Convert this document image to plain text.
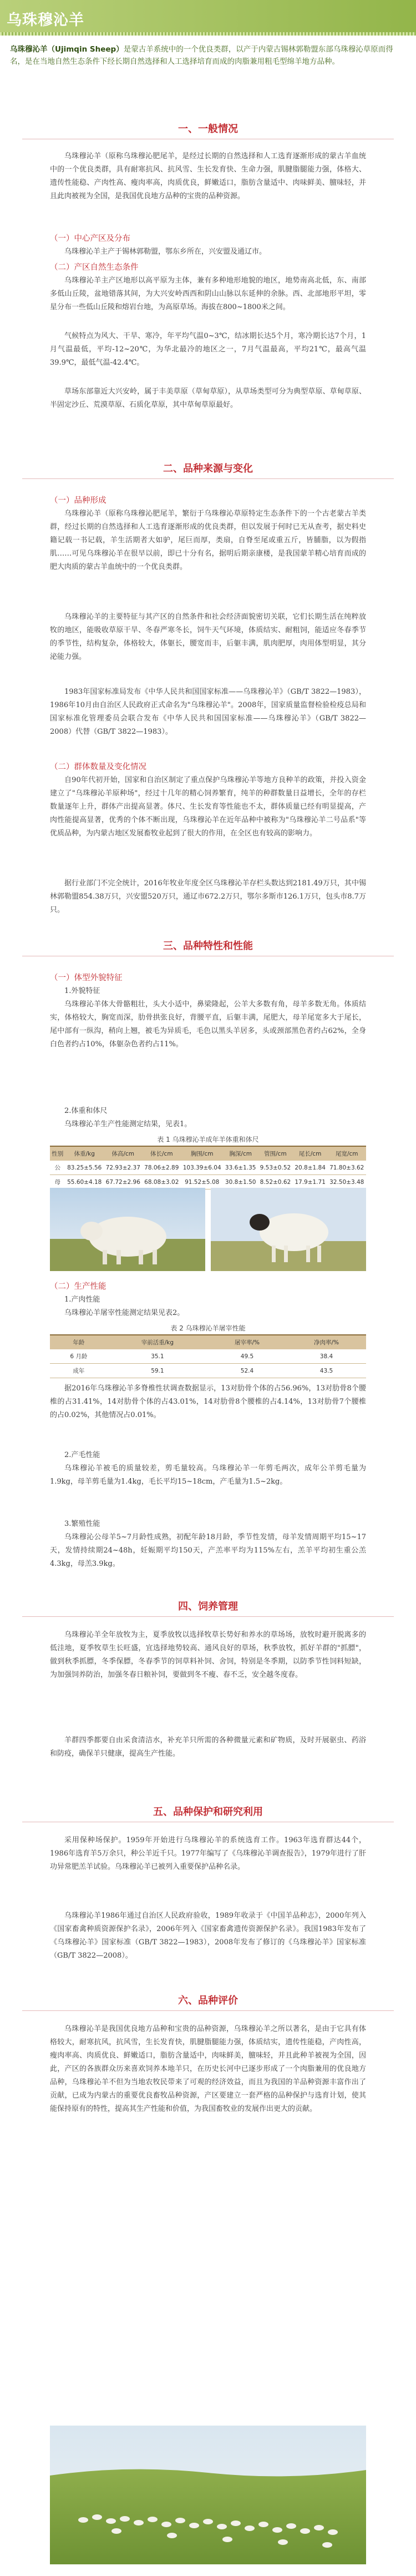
乌珠穆沁羊
乌珠穆沁羊（Ujimqin Sheep）是蒙古羊系统中的一个优良类群，以产于内蒙古锡林郭勒盟东部乌珠穆沁草原而得名，是在当地自然生态条件下经长期自然选择和人工选择培育而成的肉脂兼用粗毛型绵羊地方品种。
一、一般情况
乌珠穆沁羊（原称乌珠穆沁肥尾羊，是经过长期的自然选择和人工选育逐渐形成的蒙古羊血统中的一个优良类群，具有耐寒抗风、抗风雪、生长发育快、生命力强，肌腱脂腿能力强，体格大、遗传性能稳、产肉性高、瘦肉率高，肉质优良，鲜嫩适口，脂肪含量适中、肉味鲜美、膻味轻，并且此肉被视为全国，是我国优良地方品种的宝贵的品种资源。
（一）中心产区及分布
乌珠穆沁羊主产于锡林郭勒盟，鄂东乡所在，兴安盟及通辽市。
（二）产区自然生态条件
乌珠穆沁羊主产区地形以高平原为主体，兼有多种地形地貌的地区，地势南高北低，东、南部多低山丘陵，盆地错落其间，为大兴安岭西西和阴山山脉以东延伸的余脉。西、北部地形平坦，零星分布一些低山丘陵和熔岩台地，为高原草场。海拔在800~1800米之间。
气候特点为风大、干旱、寒冷，年平均气温0~3℃，结冰期长达5个月，寒冷期长达7个月，1月气温最低，平均-12~20℃，为华北最冷的地区之一，7月气温最高，平均21℃，最高气温39.9℃，最低气温-42.4℃。
草场东部靠近大兴安岭，属于丰美草原（草甸草原），从草场类型可分为典型草原、草甸草原、半固定沙丘、荒漠草原、石质化草原，其中草甸草原最好。
二、品种来源与变化
（一）品种形成
乌珠穆沁羊（原称乌珠穆沁肥尾羊，繁衍于乌珠穆沁草原特定生态条件下的一个古老蒙古羊类群，经过长期的自然选择和人工选育逐渐形成的优良类群，但以发展于何时已无从查考，据史料史籍记载一书记载，羊生活期者大如驴，尾巨而厚，类扇，自脊至尾或重五斤，皆脯脂，以为假指肌……可见乌珠穆沁羊在很早以前，即已十分有名，据明后期亲康楼，是我国蒙羊精心培育而成的肥大肉质的蒙古羊血统中的一个优良类群。
乌珠穆沁羊的主要特征与其产区的自然条件和社会经济面貌密切关联，它们长期生活在纯粹放牧的地区，能吸收草原干旱、冬春严寒冬长，饲牛天气环境，体质结实、耐粗饲，能适应冬春季节的季节性，结构复杂，体格较大，体躯长，腰宽而丰，后躯丰满，肌肉肥厚，肉用体型明显，其分泌能力强。
1983年国家标准局发布《中华人民共和国国家标准——乌珠穆沁羊》（GB/T 3822—1983），1986年10月由自治区人民政府正式命名为"乌珠穆沁羊"。2008年，国家质量监督检验检疫总局和国家标准化管理委员会联合发布《中华人民共和国国家标准——乌珠穆沁羊》（GB/T 3822—2008）代替（GB/T 3822—1983）。
（二）群体数量及变化情况
自90年代初开始，国家和自治区制定了重点保护乌珠穆沁羊等地方良种羊的政策，并投入资金建立了"乌珠穆沁羊原种场"，经过十几年的精心饲养繁育，纯羊的种群数量日益增长，全年的存栏数量逐年上升，群体产出提高显著。体尺、生长发育等性能也不太，群体质量已经有明显提高，产肉性能提高显著，优秀的个体不断出现，乌珠穆沁羊在近年品种中被称为"乌珠穆沁羊二号品系"等优质品种，为内蒙古地区发展畜牧业起到了很大的作用，在全区也有较高的影响力。
据行业部门不完全统计，2016年牧业年度全区乌珠穆沁羊存栏头数达到2181.49万只，其中锡林郭勒盟854.38万只，兴安盟520万只，通辽市672.2万只，鄂尔多斯市126.1万只，包头市8.7万只。
三、品种特性和性能
（一）体型外貌特征
1.外貌特征
乌珠穆沁羊体大骨骼粗壮，头大小适中，鼻梁隆起，公羊大多数有角，母羊多数无角。体质结实，体格较大，胸宽而深，肋骨拱张良好，背腰平直，后躯丰满，尾肥大，母羊尾宽多大于尾长，尾中部有一纵沟，稍向上翘，被毛为异质毛，毛色以黑头羊居多，头或颈部黑色者约占62%，全身白色者约占10%，体躯杂色者约占11%。
2.体重和体尺
乌珠穆沁羊生产性能测定结果，见表1。
表 1 乌珠穆沁羊成年羊体重和体尺
性别	体重/kg	体高/cm	体长/cm	胸围/cm	胸深/cm	管围/cm	尾长/cm	尾宽/cm
公	83.25±5.56	72.93±2.37	78.06±2.89	103.39±6.04	33.6±1.35	9.53±0.52	20.8±1.84	71.80±3.62
母	55.60±4.18	67.72±2.96	68.08±3.02	91.52±5.08	30.8±1.50	8.52±0.62	17.9±1.71	32.50±3.48
（二）生产性能
1.产肉性能
乌珠穆沁羊屠宰性能测定结果见表2。
表 2 乌珠穆沁羊屠宰性能
年龄	宰前活重/kg	屠宰率/%	净肉率/%
6 月龄	35.1	49.5	38.4
成年	59.1	52.4	43.5
据2016年乌珠穆沁羊多脊椎性状调查数据显示，13对肋骨个体的占56.96%，13对肋骨8个腰椎的占31.41%，14对肋骨个体的占43.01%，14对肋骨8个腰椎的占4.14%，13对肋骨7个腰椎的占0.02%，其他情况占0.01%。
2.产毛性能
乌珠穆沁羊被毛的质量较差，剪毛量较高。乌珠穆沁羊一年剪毛两次，成年公羊剪毛量为1.9kg，母羊剪毛量为1.4kg，毛长平均15~18cm，产毛量为1.5~2kg。
3.繁殖性能
乌珠穆沁公母羊5~7月龄性成熟，初配年龄18月龄，季节性发情，母羊发情周期平均15~17天，发情持续期24~48h，妊娠期平均150天，产羔率平均为115%左右，羔羊平均初生重公羔4.3kg，母羔3.9kg。
四、饲养管理
乌珠穆沁羊全年放牧为主，夏季放牧以选择牧草长势好和养水的草场场，放牧时避开脱离多的低洼地，夏季牧草生长旺盛，宜选择地势较高、通风良好的草场，秋季放牧，抓好羊群的"抓膘"，做到秋季抓膘，冬季保膘，冬春季节的饲草料补饲、舍饲，特别是冬季期，以防季节性饲料短缺，为加强饲养防治，加强冬春日粮补饲，要做到冬不瘦、春不乏，安全越冬度春。
羊群四季都要自由采食清洁水，补充羊只所需的各种微量元素和矿物质，及时开展驱虫、药浴和防疫，确保羊只健康，提高生产性能。
五、品种保护和研究利用
采用保种场保护。1959年开始进行乌珠穆沁羊的系统选育工作。1963年选育群达44个，1986年选育羊5万余只，种公羊近千只。1977年编写了《乌珠穆沁羊调查报告》，1979年进行了肝功异常肥羔羊试验。乌珠穆沁羊已被列入重要保护品种名录。
乌珠穆沁羊1986年通过自治区人民政府验收，1989年收录于《中国羊品种志》，2000年列入《国家畜禽种质资源保护名录》，2006年列入《国家畜禽遗传资源保护名录》。我国1983年发布了《乌珠穆沁羊》国家标准（GB/T 3822—1983），2008年发布了修订的《乌珠穆沁羊》国家标准（GB/T 3822—2008）。
六、品种评价
乌珠穆沁羊是我国优良地方品种和宝贵的品种资源，乌珠穆沁羊之所以著名，是由于它具有体格较大，耐寒抗风，抗风雪，生长发育快，肌腱脂腿能力强，体质结实，遗传性能稳，产肉性高，瘦肉率高、肉质优良、鲜嫩适口，脂肪含量适中，肉味鲜美，膻味轻，并且此种羊被视为全国，因此，产区的各族群众历来喜欢饲养本地羊只，在历史长河中已逐步形成了一个肉脂兼用的优良地方品种，乌珠穆沁羊不但为当地农牧民带来了可观的经济效益，而且为我国的羊品种资源丰富作出了贡献，已成为内蒙古的重要优良畜牧品种资源，产区要建立一套严格的品种保护与选育计划，使其能保持原有的特性，提高其生产性能和价值，为我国畜牧业的发展作出更大的贡献。
